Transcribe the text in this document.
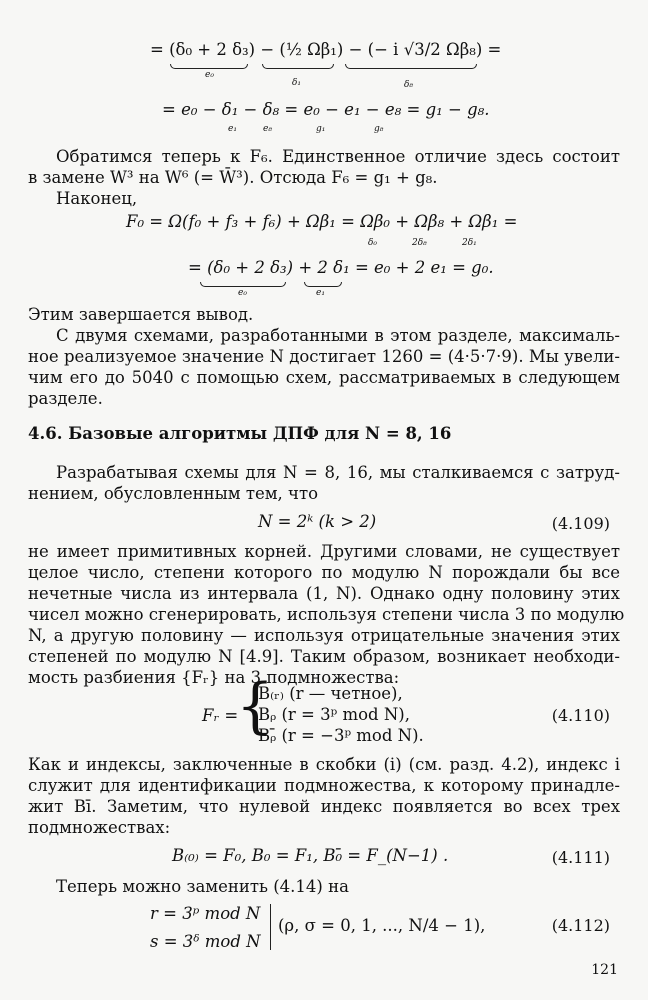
= (δ₀ + 2 δ₃) − (½ Ωβ₁) − (− i √3/2 Ωβ₈) =
e₀
δ₁	δ₈
= e₀ − δ₁ − δ₈ = e₀ − e₁ − e₈ = g₁ − g₈.
e₁	e₈	g₁	g₈
Обратимся теперь к F₆. Единственное отличие здесь состоит
в замене W³ на W⁶ (= W̄³). Отсюда F₆ = g₁ + g₈.
Наконец,
F₀ = Ω(f₀ + f₃ + f₆) + Ωβ₁ = Ωβ₀ + Ωβ₈ + Ωβ₁ =
δ₀	2δ₈	2δ₁
= (δ₀ + 2 δ₃) + 2 δ₁ = e₀ + 2 e₁ = g₀.
e₀	e₁
Этим завершается вывод.
С двумя схемами, разработанными в этом разделе, максималь-
ное реализуемое значение N достигает 1260 = (4·5·7·9). Мы увели-
чим его до 5040 с помощью схем, рассматриваемых в следующем
разделе.
4.6. Базовые алгоритмы ДПФ для N = 8, 16
Разрабатывая схемы для N = 8, 16, мы сталкиваемся с затруд-
нением, обусловленным тем, что
N = 2ᵏ (k > 2)	(4.109)
не имеет примитивных корней. Другими словами, не существует
целое число, степени которого по модулю N порождали бы все
нечетные числа из интервала (1, N). Однако одну половину этих
чисел можно сгенерировать, используя степени числа 3 по модулю
N, а другую половину — используя отрицательные значения этих
степеней по модулю N [4.9]. Таким образом, возникает необходи-
мость разбиения {Fᵣ} на 3 подмножества:
Fᵣ =
{
B₍ᵣ₎ (r — четное),
Bᵨ (r = 3ᵖ mod N),
Bᵨ̄ (r = −3ᵖ mod N).
(4.110)
Как и индексы, заключенные в скобки (i) (см. разд. 4.2), индекс i
служит для идентификации подмножества, к которому принадле-
жит Bī. Заметим, что нулевой индекс появляется во всех трех
подмножествах:
B₍₀₎ = F₀, B₀ = F₁, B₀̄ = F_(N−1) .	(4.111)
Теперь можно заменить (4.14) на
r = 3ᵖ mod N
s = 3ᵟ mod N
(ρ, σ = 0, 1, ..., N/4 − 1),	(4.112)
121
